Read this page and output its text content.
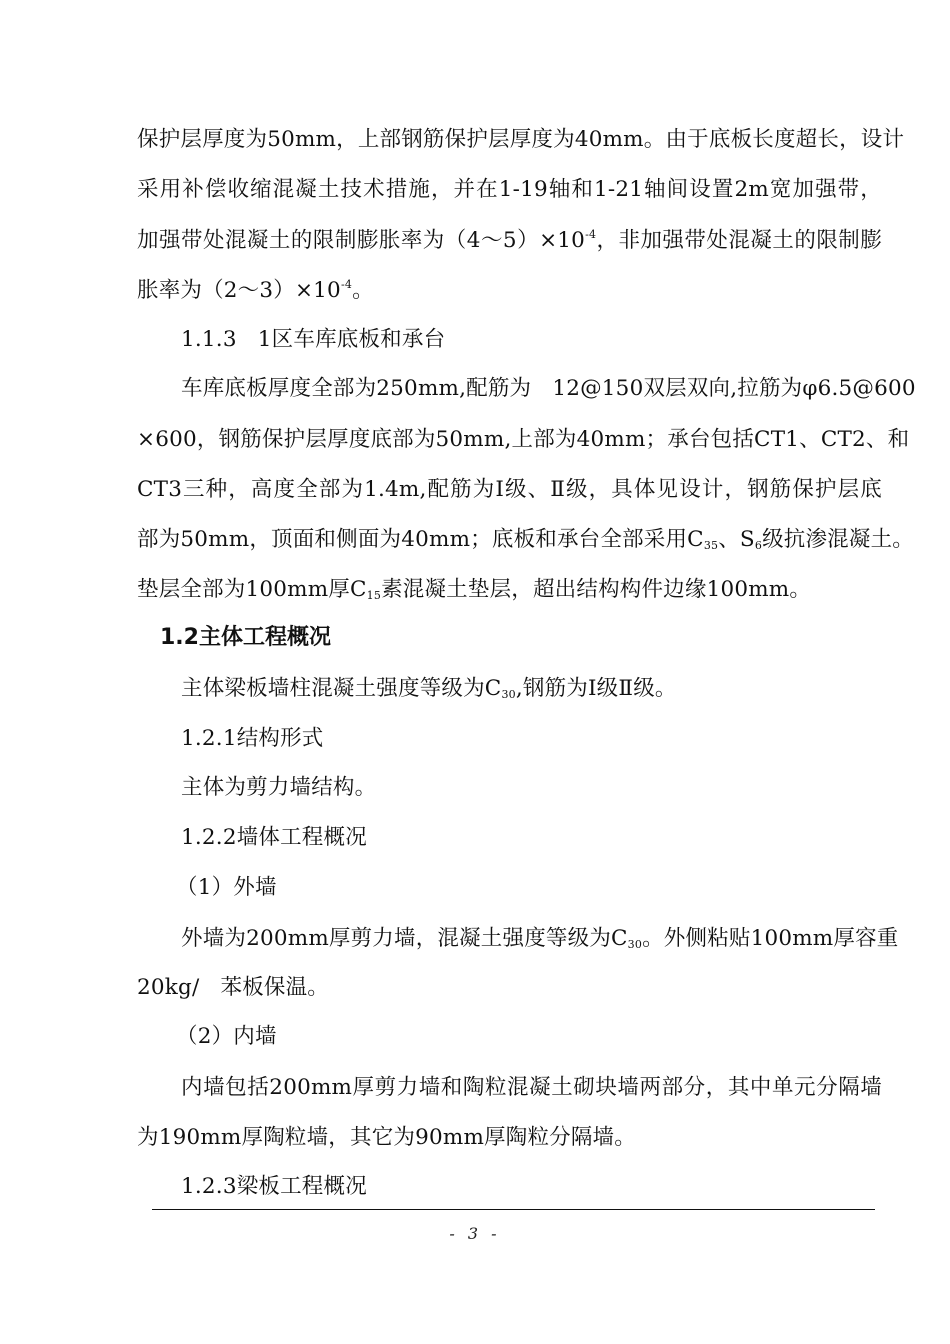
保护层厚度为50mm，上部钢筋保护层厚度为40mm。由于底板长度超长，设计
采用补偿收缩混凝土技术措施，并在1-19轴和1-21轴间设置2m宽加强带，
加强带处混凝土的限制膨胀率为$(4\sim 5)\times 10^{-4}$，非加强带处混凝土的限制膨
胀率为$(2\sim 3)\times 10^{-4}$。
1.1.3   1区车库底板和承台
车库底板厚度全部为250mm,配筋为   12@150双层双向,拉筋为φ6.5@600
×600，钢筋保护层厚度底部为50mm,上部为40mm；承台包括CT1、CT2、和
CT3三种，高度全部为1.4m,配筋为Ⅰ级、Ⅱ级，具体见设计，钢筋保护层底
部为50mm，顶面和侧面为40mm；底板和承台全部采用$C_{35}$、$S_6$级抗渗混凝土。
垫层全部为100mm厚$C_{15}$素混凝土垫层，超出结构构件边缘100mm。
1.2主体工程概况
主体梁板墙柱混凝土强度等级为$C_{30}$,钢筋为Ⅰ级Ⅱ级。
1.2.1结构形式
主体为剪力墙结构。
1.2.2墙体工程概况
（1）外墙
外墙为200mm厚剪力墙，混凝土强度等级为$C_{30}$。外侧粘贴100mm厚容重
20kg/   苯板保温。
（2）内墙
内墙包括200mm厚剪力墙和陶粒混凝土砌块墙两部分，其中单元分隔墙
为190mm厚陶粒墙，其它为90mm厚陶粒分隔墙。
1.2.3梁板工程概况
- 3 -
